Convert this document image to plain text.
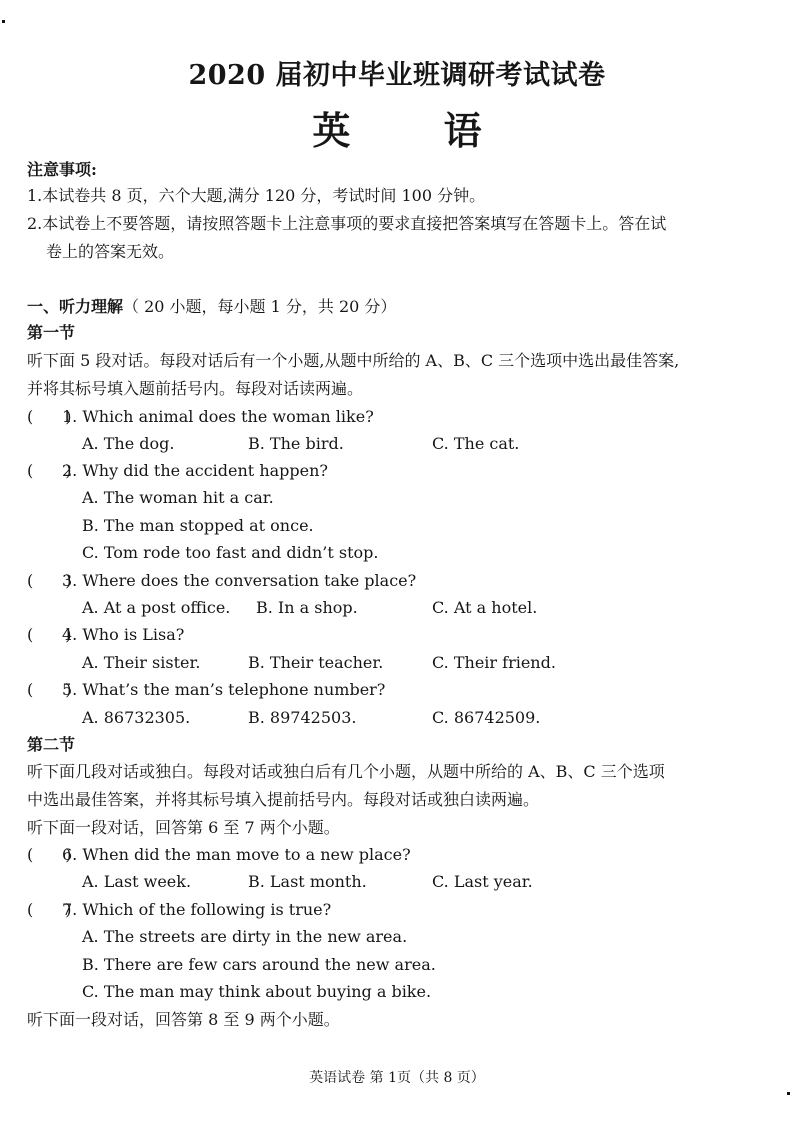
2020 届初中毕业班调研考试试卷
英 语
注意事项:
1.本试卷共 8 页，六个大题,满分 120 分，考试时间 100 分钟。
2.本试卷上不要答题，请按照答题卡上注意事项的要求直接把答案填写在答题卡上。答在试
卷上的答案无效。
一、听力理解（ 20 小题，每小题 1 分，共 20 分）
第一节
听下面 5 段对话。每段对话后有一个小题,从题中所给的 A、B、C 三个选项中选出最佳答案,
并将其标号填入题前括号内。每段对话读两遍。
(　　)
1. Which animal does the woman like?
A. The dog.	B. The bird.	C. The cat.
(　　)
2. Why did the accident happen?
A. The woman hit a car.
B. The man stopped at once.
C. Tom rode too fast and didn’t stop.
(　　)
3. Where does the conversation take place?
A. At a post office. B. In a shop.	C. At a hotel.
(　　)
4. Who is Lisa?
A. Their sister.	B. Their teacher.	C. Their friend.
(　　)
5. What’s the man’s telephone number?
A. 86732305.	B. 89742503.	C. 86742509.
第二节
听下面几段对话或独白。每段对话或独白后有几个小题，从题中所给的 A、B、C 三个选项
中选出最佳答案，并将其标号填入提前括号内。每段对话或独白读两遍。
听下面一段对话，回答第 6 至 7 两个小题。
(　　)
6. When did the man move to a new place?
A. Last week.	B. Last month.	C. Last year.
(　　)
7. Which of the following is true?
A. The streets are dirty in the new area.
B. There are few cars around the new area.
C. The man may think about buying a bike.
听下面一段对话，回答第 8 至 9 两个小题。
英语试卷 第 1页（共 8 页）
